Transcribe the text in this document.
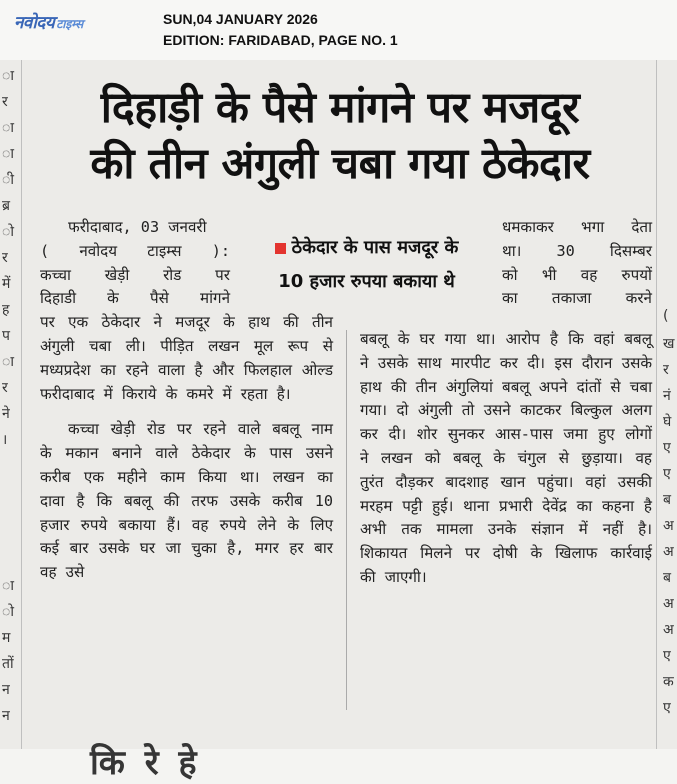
नवोदय टाइम्स	SUN,04 JANUARY 2026
EDITION: FARIDABAD, PAGE NO. 1
ा
र
ा
ा
ी
ब्र
ो
र
में
ह
प
ा
र
ने
।
ा
ो
म
तों
न
न
(
ख
र
नं
घे
ए
ए
ब
अ
अ
ब
अ
अ
ए
क
ए
दिहाड़ी के पैसे मांगने पर मजदूर
की तीन अंगुली चबा गया ठेकेदार

फरीदाबाद, 03 जनवरी

( नवोदय टाइम्स ):

कच्चा खेड़ी रोड पर

दिहाडी के पैसे मांगने

पर एक ठेकेदार ने मजदूर के हाथ की तीन अंगुली चबा ली। पीड़ित लखन मूल रूप से मध्यप्रदेश का रहने वाला है और फिलहाल ओल्ड फरीदाबाद में किराये के कमरे में रहता है।

कच्चा खेड़ी रोड पर रहने वाले बबलू नाम के मकान बनाने वाले ठेकेदार के पास उसने करीब एक महीने काम किया था। लखन का दावा है कि बबलू की तरफ उसके करीब 10 हजार रुपये बकाया हैं। वह रुपये लेने के लिए कई बार उसके घर जा चुका है, मगर हर बार वह उसे

ठेकेदार के पास मजदूर के
10 हजार रुपया बकाया थे

धमकाकर भगा देता

था। 30 दिसम्बर

को भी वह रुपयों

का तकाजा करने

बबलू के घर गया था। आरोप है कि वहां बबलू ने उसके साथ मारपीट कर दी। इस दौरान उसके हाथ की तीन अंगुलियां बबलू अपने दांतों से चबा गया। दो अंगुली तो उसने काटकर बिल्कुल अलग कर दी। शोर सुनकर आस-पास जमा हुए लोगों ने लखन को बबलू के चंगुल से छुड़ाया। वह तुरंत दौड़कर बादशाह खान पहुंचा। वहां उसकी मरहम पट्टी हुई। थाना प्रभारी देवेंद्र का कहना है अभी तक मामला उनके संज्ञान में नहीं है। शिकायत मिलने पर दोषी के खिलाफ कार्रवाई की जाएगी।

कि रे हे
